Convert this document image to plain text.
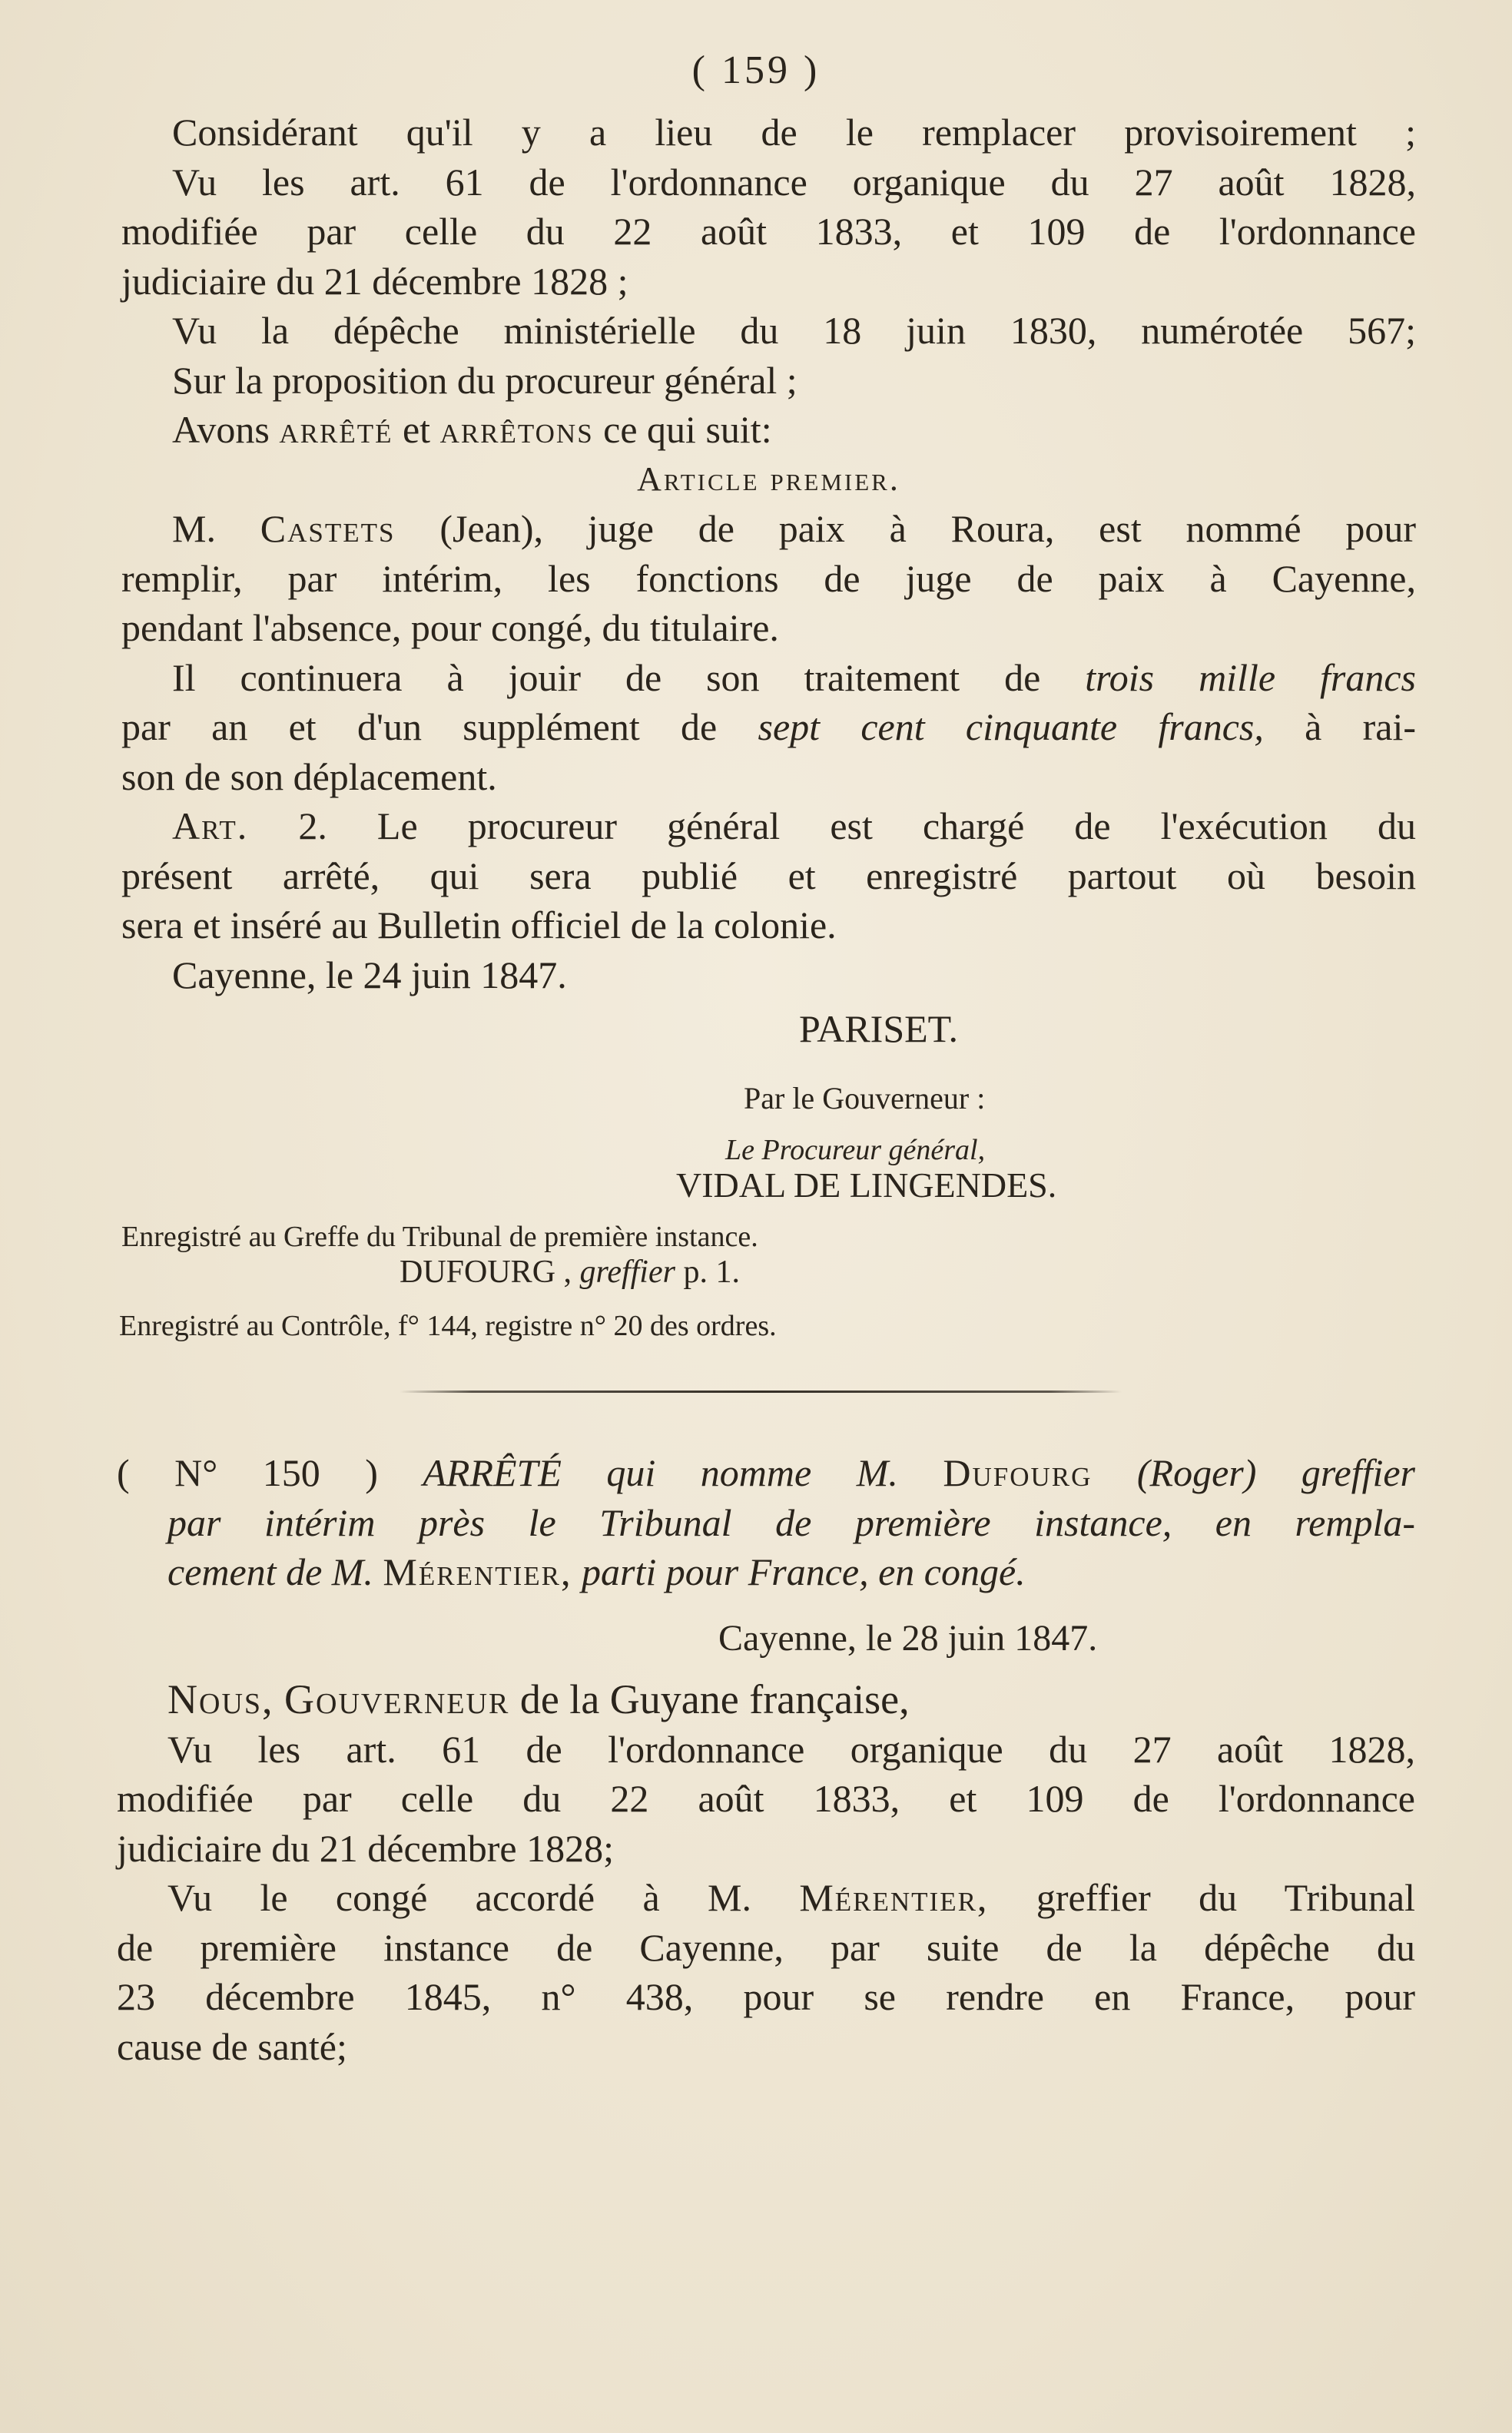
( 159 )
Considérant qu'il y a lieu de le remplacer provisoirement ;
Vu les art. 61 de l'ordonnance organique du 27 août 1828,
modifiée par celle du 22 août 1833, et 109 de l'ordonnance
judiciaire du 21 décembre 1828 ;
Vu la dépêche ministérielle du 18 juin 1830, numérotée 567;
Sur la proposition du procureur général ;
Avons arrêté et arrêtons ce qui suit:
Article premier.
M. Castets (Jean), juge de paix à Roura, est nommé pour
remplir, par intérim, les fonctions de juge de paix à Cayenne,
pendant l'absence, pour congé, du titulaire.
Il continuera à jouir de son traitement de trois mille francs
par an et d'un supplément de sept cent cinquante francs, à rai-
son de son déplacement.
Art. 2. Le procureur général est chargé de l'exécution du
présent arrêté, qui sera publié et enregistré partout où besoin
sera et inséré au Bulletin officiel de la colonie.
Cayenne, le 24 juin 1847.
PARISET.
Par le Gouverneur :
Le Procureur général,
VIDAL DE LINGENDES.
Enregistré au Greffe du Tribunal de première instance.
DUFOURG , greffier p. 1.
Enregistré au Contrôle, f° 144, registre n° 20 des ordres.
( N° 150 ) ARRÊTÉ qui nomme M. Dufourg (Roger) greffier
par intérim près le Tribunal de première instance, en rempla-
cement de M. Mérentier, parti pour France, en congé.
Cayenne, le 28 juin 1847.
Nous, Gouverneur de la Guyane française,
Vu les art. 61 de l'ordonnance organique du 27 août 1828,
modifiée par celle du 22 août 1833, et 109 de l'ordonnance
judiciaire du 21 décembre 1828;
Vu le congé accordé à M. Mérentier, greffier du Tribunal
de première instance de Cayenne, par suite de la dépêche du
23 décembre 1845, n° 438, pour se rendre en France, pour
cause de santé;
